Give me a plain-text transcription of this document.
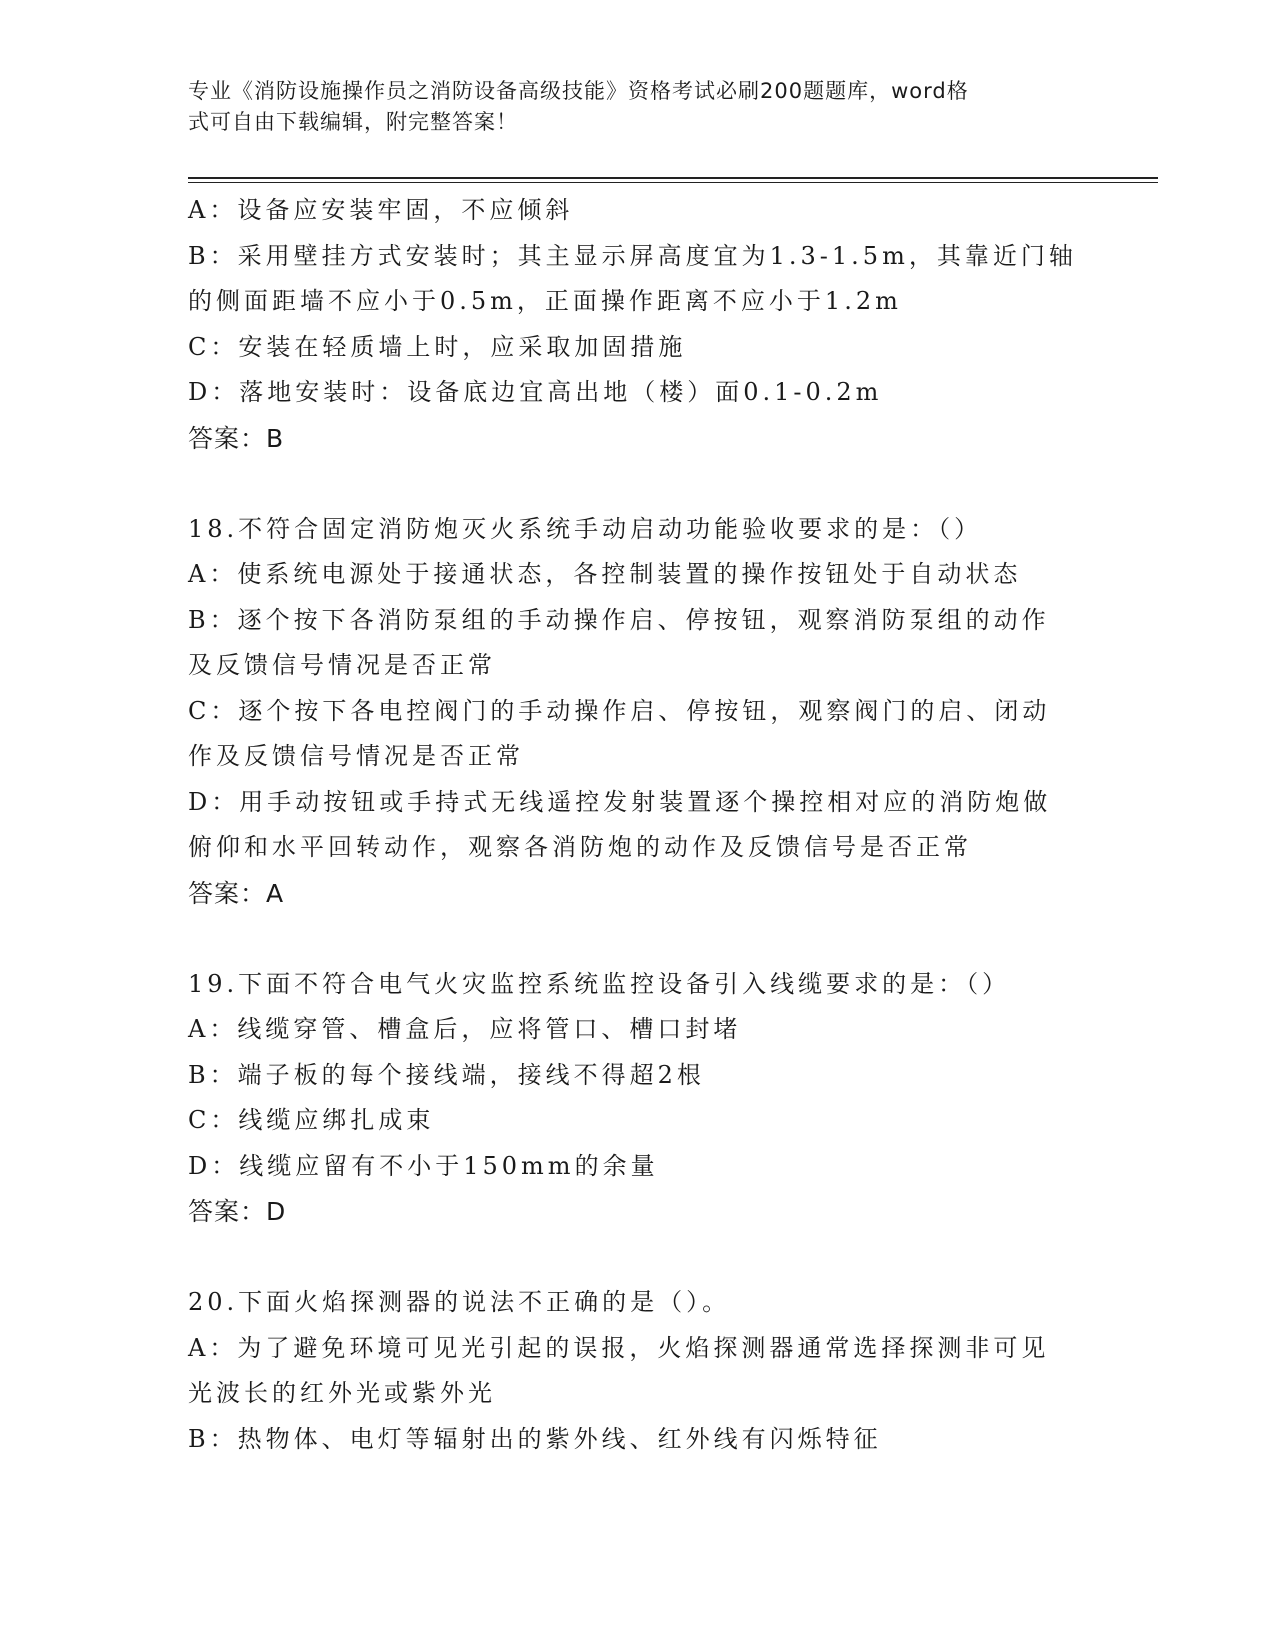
专业《消防设施操作员之消防设备高级技能》资格考试必刷200题题库，word格
式可自由下载编辑，附完整答案！
A：设备应安装牢固，不应倾斜
B：采用壁挂方式安装时；其主显示屏高度宜为1.3-1.5m，其靠近门轴
的侧面距墙不应小于0.5m，正面操作距离不应小于1.2m
C：安装在轻质墙上时，应采取加固措施
D：落地安装时：设备底边宜高出地（楼）面0.1-0.2m
答案：B
18.不符合固定消防炮灭火系统手动启动功能验收要求的是：（）
A：使系统电源处于接通状态，各控制装置的操作按钮处于自动状态
B：逐个按下各消防泵组的手动操作启、停按钮，观察消防泵组的动作
及反馈信号情况是否正常
C：逐个按下各电控阀门的手动操作启、停按钮，观察阀门的启、闭动
作及反馈信号情况是否正常
D：用手动按钮或手持式无线遥控发射装置逐个操控相对应的消防炮做
俯仰和水平回转动作，观察各消防炮的动作及反馈信号是否正常
答案：A
19.下面不符合电气火灾监控系统监控设备引入线缆要求的是：（）
A：线缆穿管、槽盒后，应将管口、槽口封堵
B：端子板的每个接线端，接线不得超2根
C：线缆应绑扎成束
D：线缆应留有不小于150mm的余量
答案：D
20.下面火焰探测器的说法不正确的是（）。
A：为了避免环境可见光引起的误报，火焰探测器通常选择探测非可见
光波长的红外光或紫外光
B：热物体、电灯等辐射出的紫外线、红外线有闪烁特征
